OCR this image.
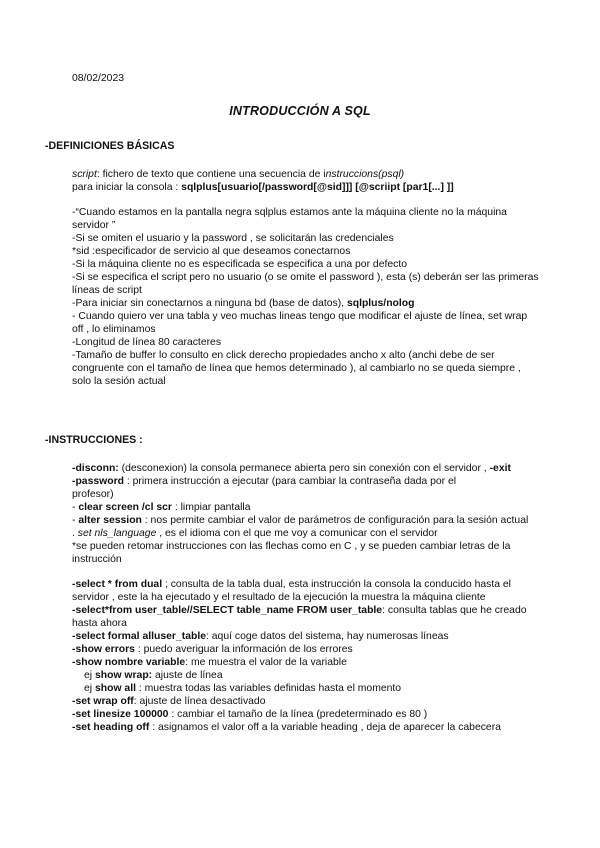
08/02/2023
INTRODUCCIÓN A SQL
-DEFINICIONES BÁSICAS

script: fichero de texto que contiene una secuencia de instruccions(psql)

para iniciar la consola : sqlplus[usuario[/password[@sid]]] [@scriipt [par1[...] ]]

-“Cuando estamos en la pantalla negra sqlplus estamos ante la máquina cliente no la máquina

servidor ”

-Si se omiten el usuario y la password , se solicitarán las credenciales

*sid :especificador de servicio al que deseamos conectarnos

-Si la máquina cliente no es especificada se especifica a una por defecto

-Si se especifica el script pero no usuario (o se omite el password ), esta (s) deberán ser las primeras

líneas de script

-Para iniciar sin conectarnos a ninguna bd (base de datos), sqlplus/nolog

- Cuando quiero ver una tabla y veo muchas lineas tengo que modificar el ajuste de línea, set wrap

off , lo eliminamos

-Longitud de línea 80 caracteres

-Tamaño de buffer lo consulto en click derecho propiedades ancho x alto (anchi debe de ser

congruente con el tamaño de línea que hemos determinado ), al cambiarlo no se queda siempre ,

solo la sesión actual

-INSTRUCCIONES :

-disconn: (desconexion) la consola permanece abierta pero sin conexión con el servidor , -exit

-password : primera instrucción a ejecutar (para cambiar la contraseña dada por el

profesor)

- clear screen /cl scr : limpiar pantalla

- alter session : nos permite cambiar el valor de parámetros de configuración para la sesión actual

. set nls_language , es el idioma con el que me voy a comunicar con el servidor

*se pueden retomar instrucciones con las flechas como en C , y se pueden cambiar letras de la

instrucción

-select * from dual ; consulta de la tabla dual, esta instrucción la consola la conducido hasta el

servidor , este la ha ejecutado y el resultado de la ejecución la muestra la máquina cliente

-select*from user_table//SELECT table_name FROM user_table: consulta tablas que he creado

hasta ahora

-select formal alluser_table: aquí coge datos del sistema, hay numerosas líneas

-show errors : puedo averiguar la información de los errores

-show nombre variable: me muestra el valor de la variable

ej show wrap: ajuste de línea

ej show all : muestra todas las variables definidas hasta el momento

-set wrap off: ajuste de línea desactivado

-set linesize 100000 : cambiar el tamaño de la línea (predeterminado es 80 )

-set heading off : asignamos el valor off a la variable heading , deja de aparecer la cabecera
